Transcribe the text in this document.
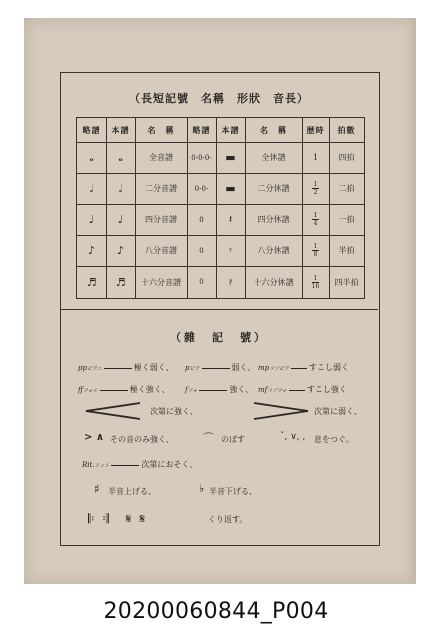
（長短記號　名稱　形狀　音長）
略譜	本譜	名　稱	略譜	本譜	名　稱	歴時	拍數
𝅝	𝅝	全音譜	0-0-0-	▬	全休譜	1	四拍
𝅗𝅥	𝅗𝅥	二分音譜	0-0-	▬	二分休譜	$\frac{1}{2}$	二拍
♩	♩	四分音譜	0	𝄽	四分休譜	$\frac{1}{4}$	一拍
♪	♪	八分音譜	0	𝄾	八分休譜	$\frac{1}{8}$	半拍
♬	♬	十六分音譜	0	𝄿	十六分休譜	$\frac{1}{16}$	四半拍
（雜　記　號）
ppピアニ	極く弱く、 pピア	弱く、 mpメゾピア	すこし弱く
ffフォル	極く強く、 fフォ	強く、 mfメゾフォ	すこし強く
次第に強く、	次第に弱く、
> ∧ その音のみ強く、	⌒ のばす	ˇ, ∨, , 息をつぐ。
Rit.リット	次第におそく、
♯ 半音上げる、	♭ 半音下げる、
𝄆 𝄇　𝄋 𝄋	くり返す。
20200060844_P004
